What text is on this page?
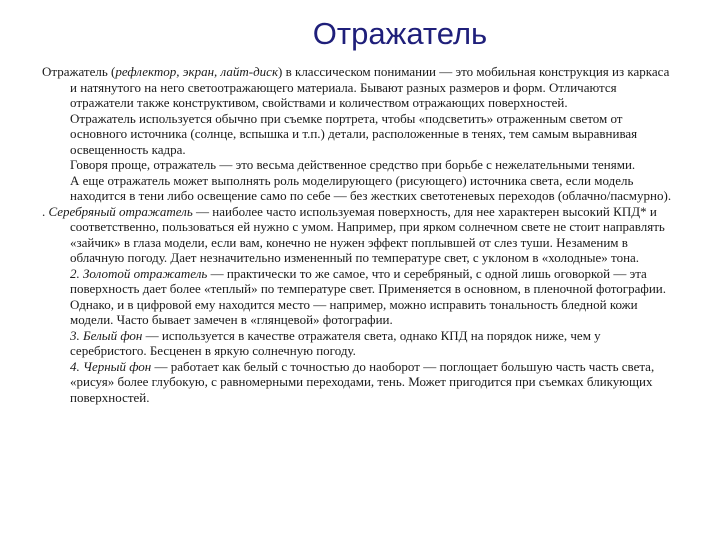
Отражатель

Отражатель (рефлектор, экран, лайт-диск) в классическом понимании — это мобильная конструкция из каркаса и натянутого на него светоотражающего материала. Бывают разных размеров и форм. Отличаются отражатели также конструктивом, свойствами и количеством отражающих поверхностей.

Отражатель используется обычно при съемке портрета, чтобы «подсветить» отраженным светом от основного источника (солнце, вспышка и т.п.) детали, расположенные в тенях, тем самым выравнивая освещенность кадра.

Говоря проще, отражатель — это весьма действенное средство при борьбе с нежелательными тенями.

А еще отражатель может выполнять роль моделирующего (рисующего) источника света, если модель находится в тени либо освещение само по себе — без жестких светотеневых переходов (облачно/пасмурно).

. Серебряный отражатель — наиболее часто используемая поверхность, для нее характерен высокий КПД* и соответственно, пользоваться ей нужно с умом. Например, при ярком солнечном свете не стоит направлять «зайчик» в глаза модели, если вам, конечно не нужен эффект поплывшей от слез туши. Незаменим в облачную погоду. Дает незначительно измененный по температуре свет, с уклоном в «холодные» тона.

2. Золотой отражатель — практически то же самое, что и серебряный, с одной лишь оговоркой — эта поверхность дает более «теплый» по температуре свет. Применяется в основном, в пленочной фотографии. Однако, и в цифровой ему находится место — например, можно исправить тональность бледной кожи модели. Часто бывает замечен в «глянцевой» фотографии.

3. Белый фон — используется в качестве отражателя света, однако КПД на порядок ниже, чем у серебристого. Бесценен в яркую солнечную погоду.

4. Черный фон — работает как белый с точностью до наоборот — поглощает большую часть часть света, «рисуя» более глубокую, с равномерными переходами, тень. Может пригодится при съемках бликующих поверхностей.
